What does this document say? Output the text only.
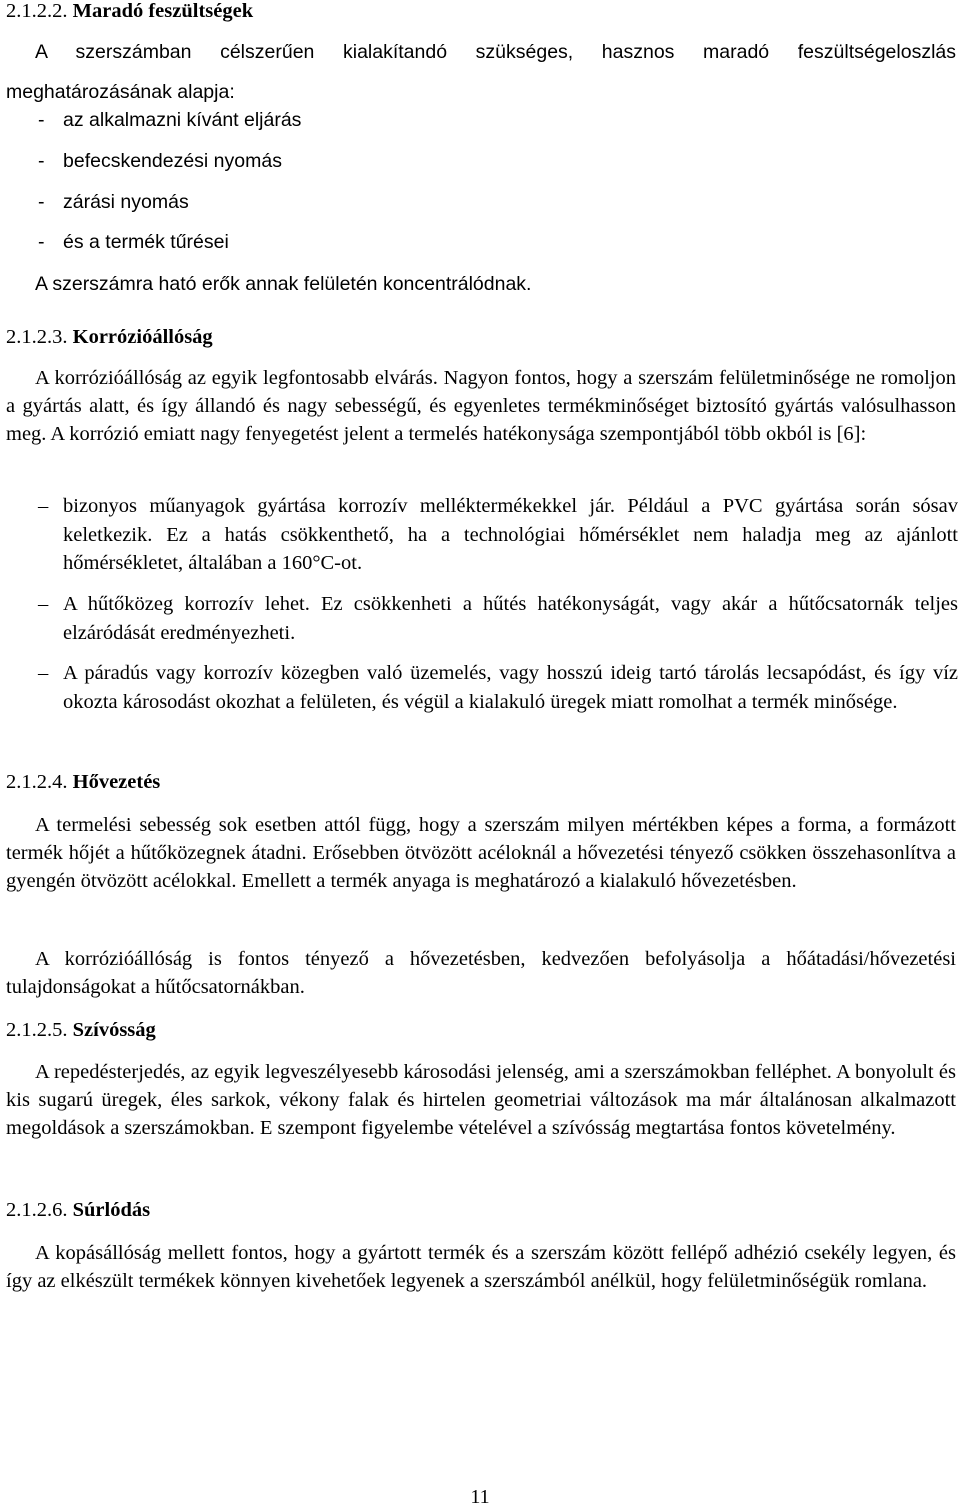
2.1.2.2. Maradó feszültségek
A szerszámban célszerűen kialakítandó szükséges, hasznos maradó feszültségeloszlás meghatározásának alapja:
- az alkalmazni kívánt eljárás
- befecskendezési nyomás
- zárási nyomás
- és a termék tűrései
A szerszámra ható erők annak felületén koncentrálódnak.
2.1.2.3. Korrózióállóság
A korrózióállóság az egyik legfontosabb elvárás. Nagyon fontos, hogy a szerszám felületminősége ne romoljon a gyártás alatt, és így állandó és nagy sebességű, és egyenletes termékminőséget biztosító gyártás valósulhasson meg. A korrózió emiatt nagy fenyegetést jelent a termelés hatékonysága szempontjából több okból is [6]:
– bizonyos műanyagok gyártása korrozív melléktermékekkel jár. Például a PVC gyártása során sósav keletkezik. Ez a hatás csökkenthető, ha a technológiai hőmérséklet nem haladja meg az ajánlott hőmérsékletet, általában a 160°C-ot.
– A hűtőközeg korrozív lehet. Ez csökkenheti a hűtés hatékonyságát, vagy akár a hűtőcsatornák teljes elzáródását eredményezheti.
– A páradús vagy korrozív közegben való üzemelés, vagy hosszú ideig tartó tárolás lecsapódást, és így víz okozta károsodást okozhat a felületen, és végül a kialakuló üregek miatt romolhat a termék minősége.
2.1.2.4. Hővezetés
A termelési sebesség sok esetben attól függ, hogy a szerszám milyen mértékben képes a forma, a formázott termék hőjét a hűtőközegnek átadni. Erősebben ötvözött acéloknál a hővezetési tényező csökken összehasonlítva a gyengén ötvözött acélokkal. Emellett a termék anyaga is meghatározó a kialakuló hővezetésben.
A korrózióállóság is fontos tényező a hővezetésben, kedvezően befolyásolja a hőátadási/hővezetési tulajdonságokat a hűtőcsatornákban.
2.1.2.5. Szívósság
A repedésterjedés, az egyik legveszélyesebb károsodási jelenség, ami a szerszámokban felléphet. A bonyolult és kis sugarú üregek, éles sarkok, vékony falak és hirtelen geometriai változások ma már általánosan alkalmazott megoldások a szerszámokban. E szempont figyelembe vételével a szívósság megtartása fontos követelmény.
2.1.2.6. Súrlódás
A kopásállóság mellett fontos, hogy a gyártott termék és a szerszám között fellépő adhézió csekély legyen, és így az elkészült termékek könnyen kivehetőek legyenek a szerszámból anélkül, hogy felületminőségük romlana.
11
